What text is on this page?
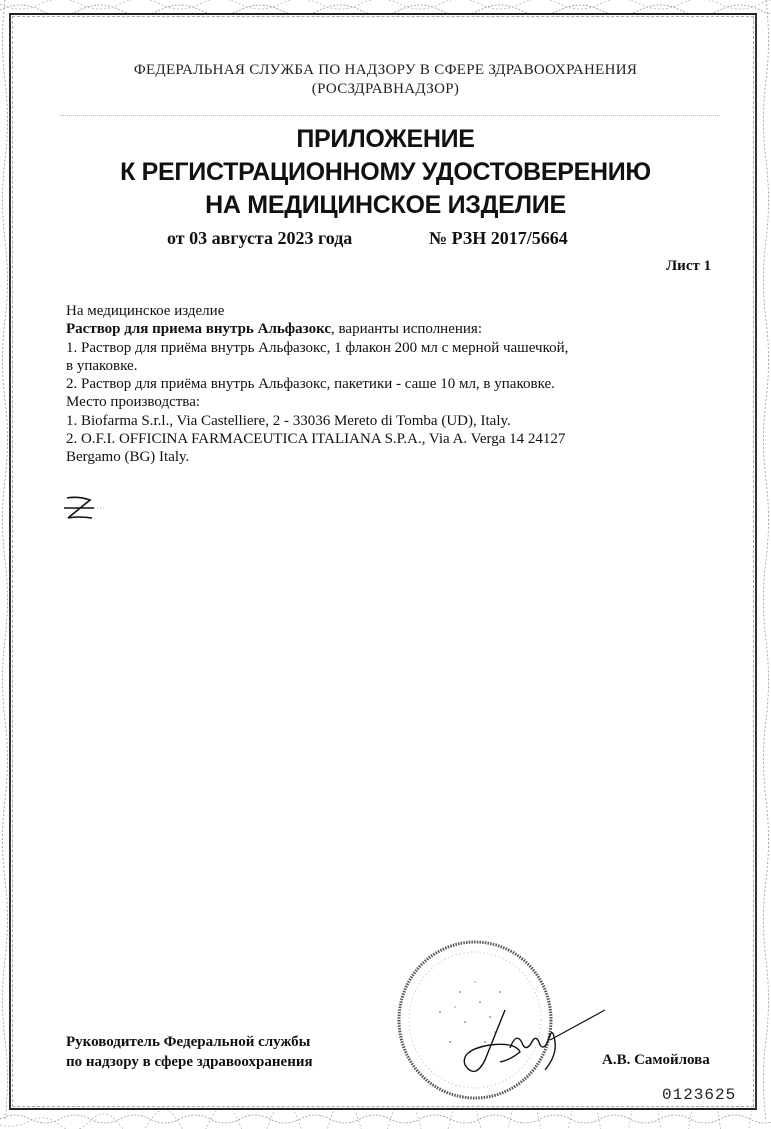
ФЕДЕРАЛЬНАЯ СЛУЖБА ПО НАДЗОРУ В СФЕРЕ ЗДРАВООХРАНЕНИЯ
(РОСЗДРАВНАДЗОР)
ПРИЛОЖЕНИЕ
К РЕГИСТРАЦИОННОМУ УДОСТОВЕРЕНИЮ
НА МЕДИЦИНСКОЕ ИЗДЕЛИЕ
от 03 августа 2023 года	№ РЗН 2017/5664
Лист 1

На медицинское изделие

Раствор для приема внутрь Альфазокс, варианты исполнения:

1. Раствор для приёма внутрь Альфазокс, 1 флакон 200 мл с мерной чашечкой,

в упаковке.

2. Раствор для приёма внутрь Альфазокс, пакетики - саше 10 мл, в упаковке.

Место производства:

1. Biofarma S.r.l., Via Castelliere, 2 - 33036 Mereto di Tomba (UD), Italy.

2. O.F.I. OFFICINA FARMACEUTICA ITALIANA S.P.A., Via A. Verga 14 24127

Bergamo (BG) Italy.

Руководитель Федеральной службы
по надзору в сфере здравоохранения	А.В. Самойлова
0123625
